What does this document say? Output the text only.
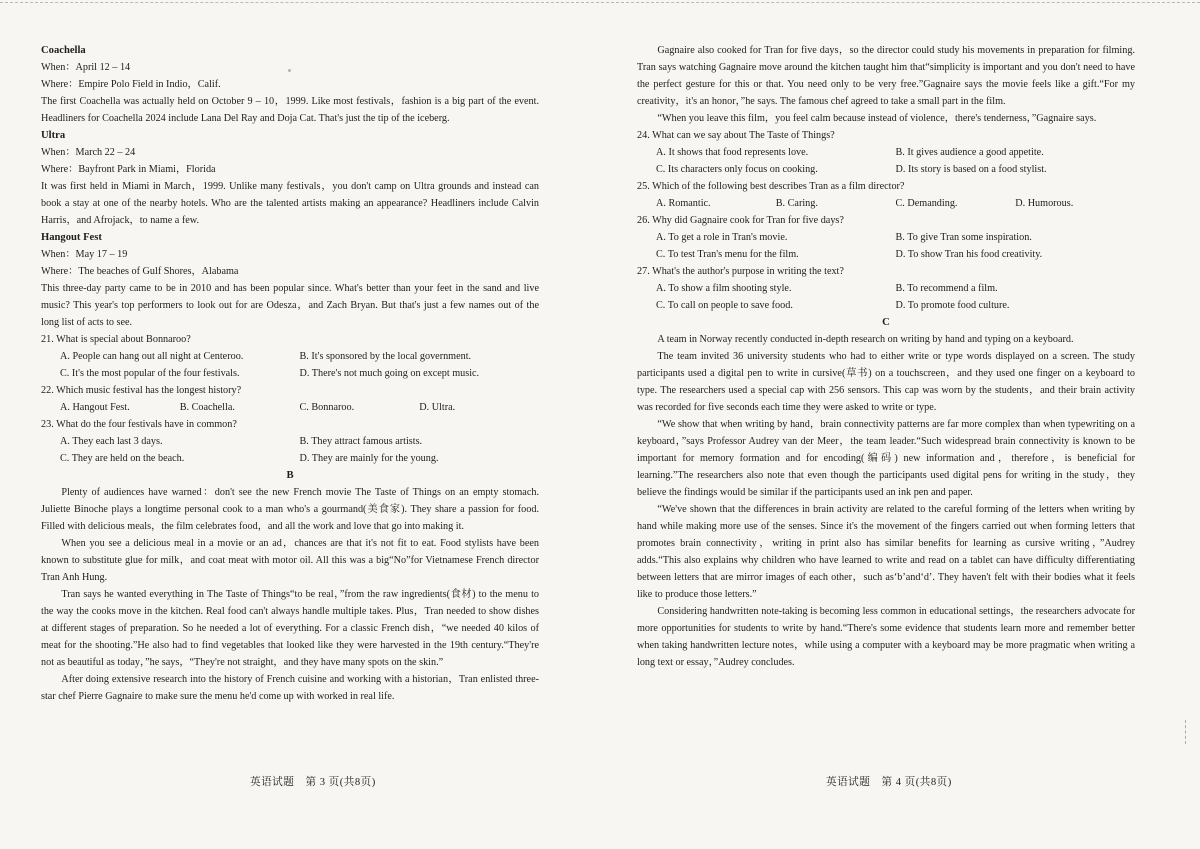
Coachella

When：April 12 – 14

Where：Empire Polo Field in Indio，Calif.

The first Coachella was actually held on October 9 – 10，1999. Like most festivals，fashion is a big part of the event. Headliners for Coachella 2024 include Lana Del Ray and Doja Cat. That's just the tip of the iceberg.

Ultra

When：March 22 – 24

Where：Bayfront Park in Miami，Florida

It was first held in Miami in March，1999. Unlike many festivals，you don't camp on Ultra grounds and instead can book a stay at one of the nearby hotels. Who are the talented artists making an appearance? Headliners include Calvin Harris，and Afrojack，to name a few.

Hangout Fest

When：May 17 – 19

Where：The beaches of Gulf Shores，Alabama

This three-day party came to be in 2010 and has been popular since. What's better than your feet in the sand and live music? This year's top performers to look out for are Odesza，and Zach Bryan. But that's just a few names out of the long list of acts to see.

21. What is special about Bonnaroo?

A. People can hang out all night at Centeroo.	B. It's sponsored by the local government.
C. It's the most popular of the four festivals.	D. There's not much going on except music.

22. Which music festival has the longest history?

A. Hangout Fest.	B. Coachella.	C. Bonnaroo.	D. Ultra.

23. What do the four festivals have in common?

A. They each last 3 days.	B. They attract famous artists.
C. They are held on the beach.	D. They are mainly for the young.
B

Plenty of audiences have warned：don't see the new French movie The Taste of Things on an empty stomach. Juliette Binoche plays a longtime personal cook to a man who's a gourmand(美食家). They share a passion for food. Filled with delicious meals，the film celebrates food，and all the work and love that go into making it.

When you see a delicious meal in a movie or an ad，chances are that it's not fit to eat. Food stylists have been known to substitute glue for milk，and coat meat with motor oil. All this was a big“No”for Vietnamese French director Tran Anh Hung.

Tran says he wanted everything in The Taste of Things“to be real，”from the raw ingredients(食材) to the menu to the way the cooks move in the kitchen. Real food can't always handle multiple takes. Plus，Tran needed to show dishes at different stages of preparation. So he needed a lot of everything. For a classic French dish，“we needed 40 kilos of meat for the shooting.”He also had to find vegetables that looked like they were harvested in the 19th century.“They're not as beautiful as today，”he says，“They're not straight，and they have many spots on the skin.”

After doing extensive research into the history of French cuisine and working with a historian，Tran enlisted three-star chef Pierre Gagnaire to make sure the menu he'd come up with worked in real life.

英语试题　第 3 页(共8页)

Gagnaire also cooked for Tran for five days，so the director could study his movements in preparation for filming. Tran says watching Gagnaire move around the kitchen taught him that“simplicity is important and you don't need to have the perfect gesture for this or that. You need only to be very free.”Gagnaire says the movie feels like a gift.“For my creativity，it's an honor，”he says. The famous chef agreed to take a small part in the film.

“When you leave this film，you feel calm because instead of violence，there's tenderness，”Gagnaire says.

24. What can we say about The Taste of Things?

A. It shows that food represents love.	B. It gives audience a good appetite.
C. Its characters only focus on cooking.	D. Its story is based on a food stylist.

25. Which of the following best describes Tran as a film director?

A. Romantic.	B. Caring.	C. Demanding.	D. Humorous.

26. Why did Gagnaire cook for Tran for five days?

A. To get a role in Tran's movie.	B. To give Tran some inspiration.
C. To test Tran's menu for the film.	D. To show Tran his food creativity.

27. What's the author's purpose in writing the text?

A. To show a film shooting style.	B. To recommend a film.
C. To call on people to save food.	D. To promote food culture.
C

A team in Norway recently conducted in-depth research on writing by hand and typing on a keyboard.

The team invited 36 university students who had to either write or type words displayed on a screen. The study participants used a digital pen to write in cursive(草书) on a touchscreen，and they used one finger on a keyboard to type. The researchers used a special cap with 256 sensors. This cap was worn by the students，and their brain activity was recorded for five seconds each time they were asked to write or type.

“We show that when writing by hand，brain connectivity patterns are far more complex than when typewriting on a keyboard，”says Professor Audrey van der Meer，the team leader.“Such widespread brain connectivity is known to be important for memory formation and for encoding(编码) new information and，therefore，is beneficial for learning.”The researchers also note that even though the participants used digital pens for writing in the study，they believe the findings would be similar if the participants used an ink pen and paper.

“We've shown that the differences in brain activity are related to the careful forming of the letters when writing by hand while making more use of the senses. Since it's the movement of the fingers carried out when forming letters that promotes brain connectivity，writing in print also has similar benefits for learning as cursive writing，”Audrey adds.“This also explains why children who have learned to write and read on a tablet can have difficulty differentiating between letters that are mirror images of each other，such as‘b’and‘d’. They haven't felt with their bodies what it feels like to produce those letters.”

Considering handwritten note-taking is becoming less common in educational settings，the researchers advocate for more opportunities for students to write by hand.“There's some evidence that students learn more and remember better when taking handwritten lecture notes，while using a computer with a keyboard may be more pragmatic when writing a long text or essay，”Audrey concludes.

英语试题　第 4 页(共8页)
